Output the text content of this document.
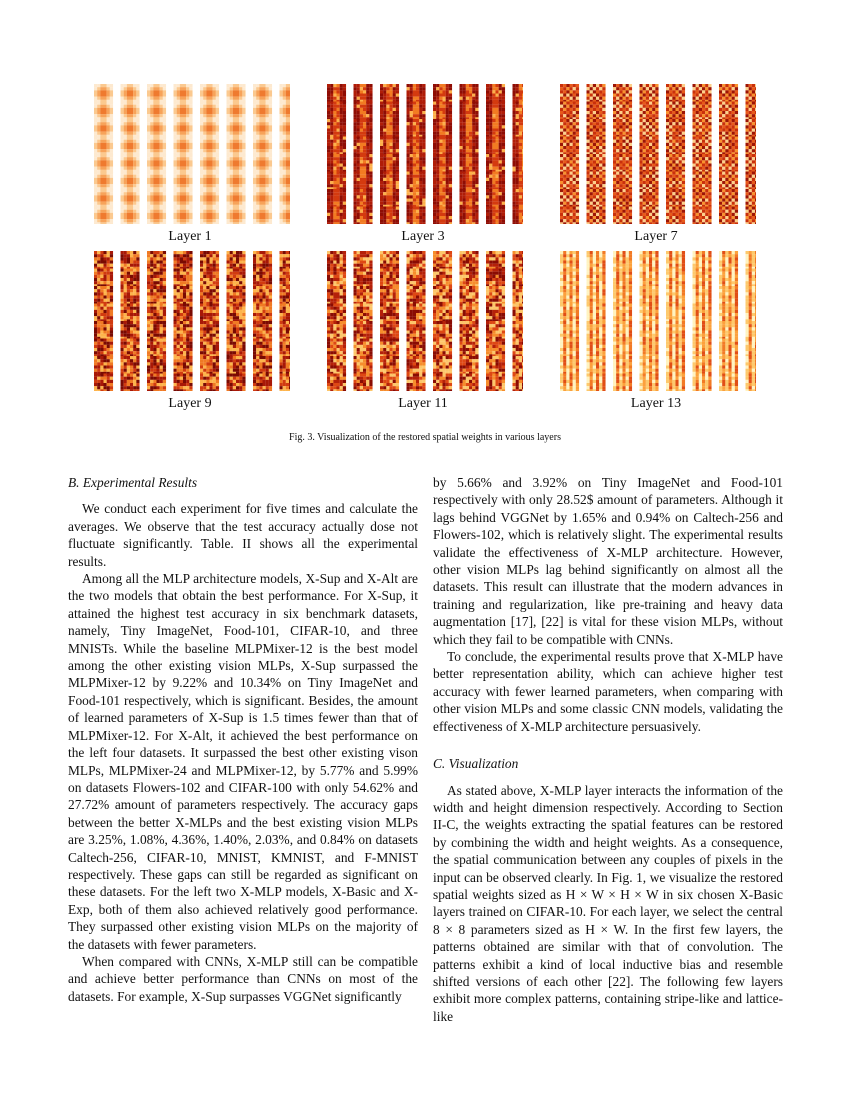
Layer 1	Layer 3	Layer 7
Layer 9	Layer 11	Layer 13
Fig. 3. Visualization of the restored spatial weights in various layers

B. Experimental Results

We conduct each experiment for five times and calculate the averages. We observe that the test accuracy actually dose not fluctuate significantly. Table. II shows all the experimental results.

Among all the MLP architecture models, X-Sup and X-Alt are the two models that obtain the best performance. For X-Sup, it attained the highest test accuracy in six benchmark datasets, namely, Tiny ImageNet, Food-101, CIFAR-10, and three MNISTs. While the baseline MLPMixer-12 is the best model among the other existing vision MLPs, X-Sup surpassed the MLPMixer-12 by 9.22% and 10.34% on Tiny ImageNet and Food-101 respectively, which is significant. Besides, the amount of learned parameters of X-Sup is 1.5 times fewer than that of MLPMixer-12. For X-Alt, it achieved the best performance on the left four datasets. It surpassed the best other existing vison MLPs, MLPMixer-24 and MLPMixer-12, by 5.77% and 5.99% on datasets Flowers-102 and CIFAR-100 with only 54.62% and 27.72% amount of parameters respectively. The accuracy gaps between the better X-MLPs and the best existing vision MLPs are 3.25%, 1.08%, 4.36%, 1.40%, 2.03%, and 0.84% on datasets Caltech-256, CIFAR-10, MNIST, KMNIST, and F-MNIST respectively. These gaps can still be regarded as significant on these datasets. For the left two X-MLP models, X-Basic and X-Exp, both of them also achieved relatively good performance. They surpassed other existing vision MLPs on the majority of the datasets with fewer parameters.

When compared with CNNs, X-MLP still can be compatible and achieve better performance than CNNs on most of the datasets. For example, X-Sup surpasses VGGNet significantly

by 5.66% and 3.92% on Tiny ImageNet and Food-101 respectively with only 28.52$ amount of parameters. Although it lags behind VGGNet by 1.65% and 0.94% on Caltech-256 and Flowers-102, which is relatively slight. The experimental results validate the effectiveness of X-MLP architecture. However, other vision MLPs lag behind significantly on almost all the datasets. This result can illustrate that the modern advances in training and regularization, like pre-training and heavy data augmentation [17], [22] is vital for these vision MLPs, without which they fail to be compatible with CNNs.

To conclude, the experimental results prove that X-MLP have better representation ability, which can achieve higher test accuracy with fewer learned parameters, when comparing with other vision MLPs and some classic CNN models, validating the effectiveness of X-MLP architecture persuasively.

C. Visualization

As stated above, X-MLP layer interacts the information of the width and height dimension respectively. According to Section II-C, the weights extracting the spatial features can be restored by combining the width and height weights. As a consequence, the spatial communication between any couples of pixels in the input can be observed clearly. In Fig. 1, we visualize the restored spatial weights sized as H × W × H × W in six chosen X-Basic layers trained on CIFAR-10. For each layer, we select the central 8 × 8 parameters sized as H × W. In the first few layers, the patterns obtained are similar with that of convolution. The patterns exhibit a kind of local inductive bias and resemble shifted versions of each other [22]. The following few layers exhibit more complex patterns, containing stripe-like and lattice-like
